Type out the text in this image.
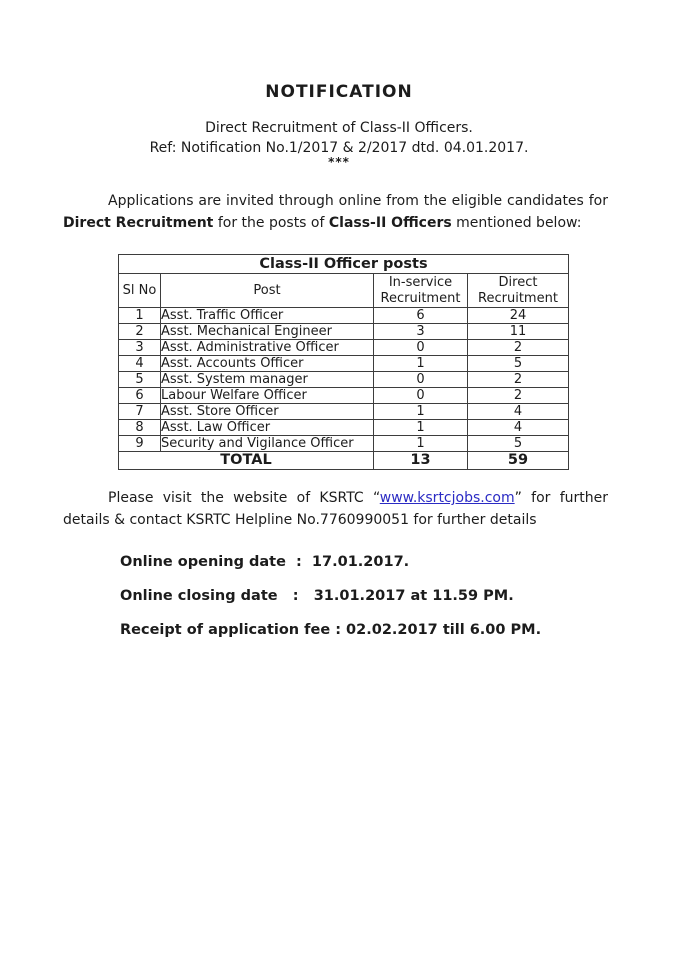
NOTIFICATION
Direct Recruitment of Class-II Officers.
Ref: Notification No.1/2017 & 2/2017 dtd. 04.01.2017.
***

Applications are invited through online from the eligible candidates for Direct Recruitment for the posts of Class-II Officers mentioned below:

Class-II Officer posts			
Sl No	Post	In-service Recruitment	Direct Recruitment
1	Asst. Traffic Officer	6	24
2	Asst. Mechanical Engineer	3	11
3	Asst. Administrative Officer	0	2
4	Asst. Accounts Officer	1	5
5	Asst. System manager	0	2
6	Labour Welfare Officer	0	2
7	Asst. Store Officer	1	4
8	Asst. Law Officer	1	4
9	Security and Vigilance Officer	1	5
TOTAL		13	59

Please visit the website of KSRTC “www.ksrtcjobs.com” for further details & contact KSRTC Helpline No.7760990051 for further details

Online opening date  :  17.01.2017.
Online closing date   :   31.01.2017 at 11.59 PM.
Receipt of application fee : 02.02.2017 till 6.00 PM.
